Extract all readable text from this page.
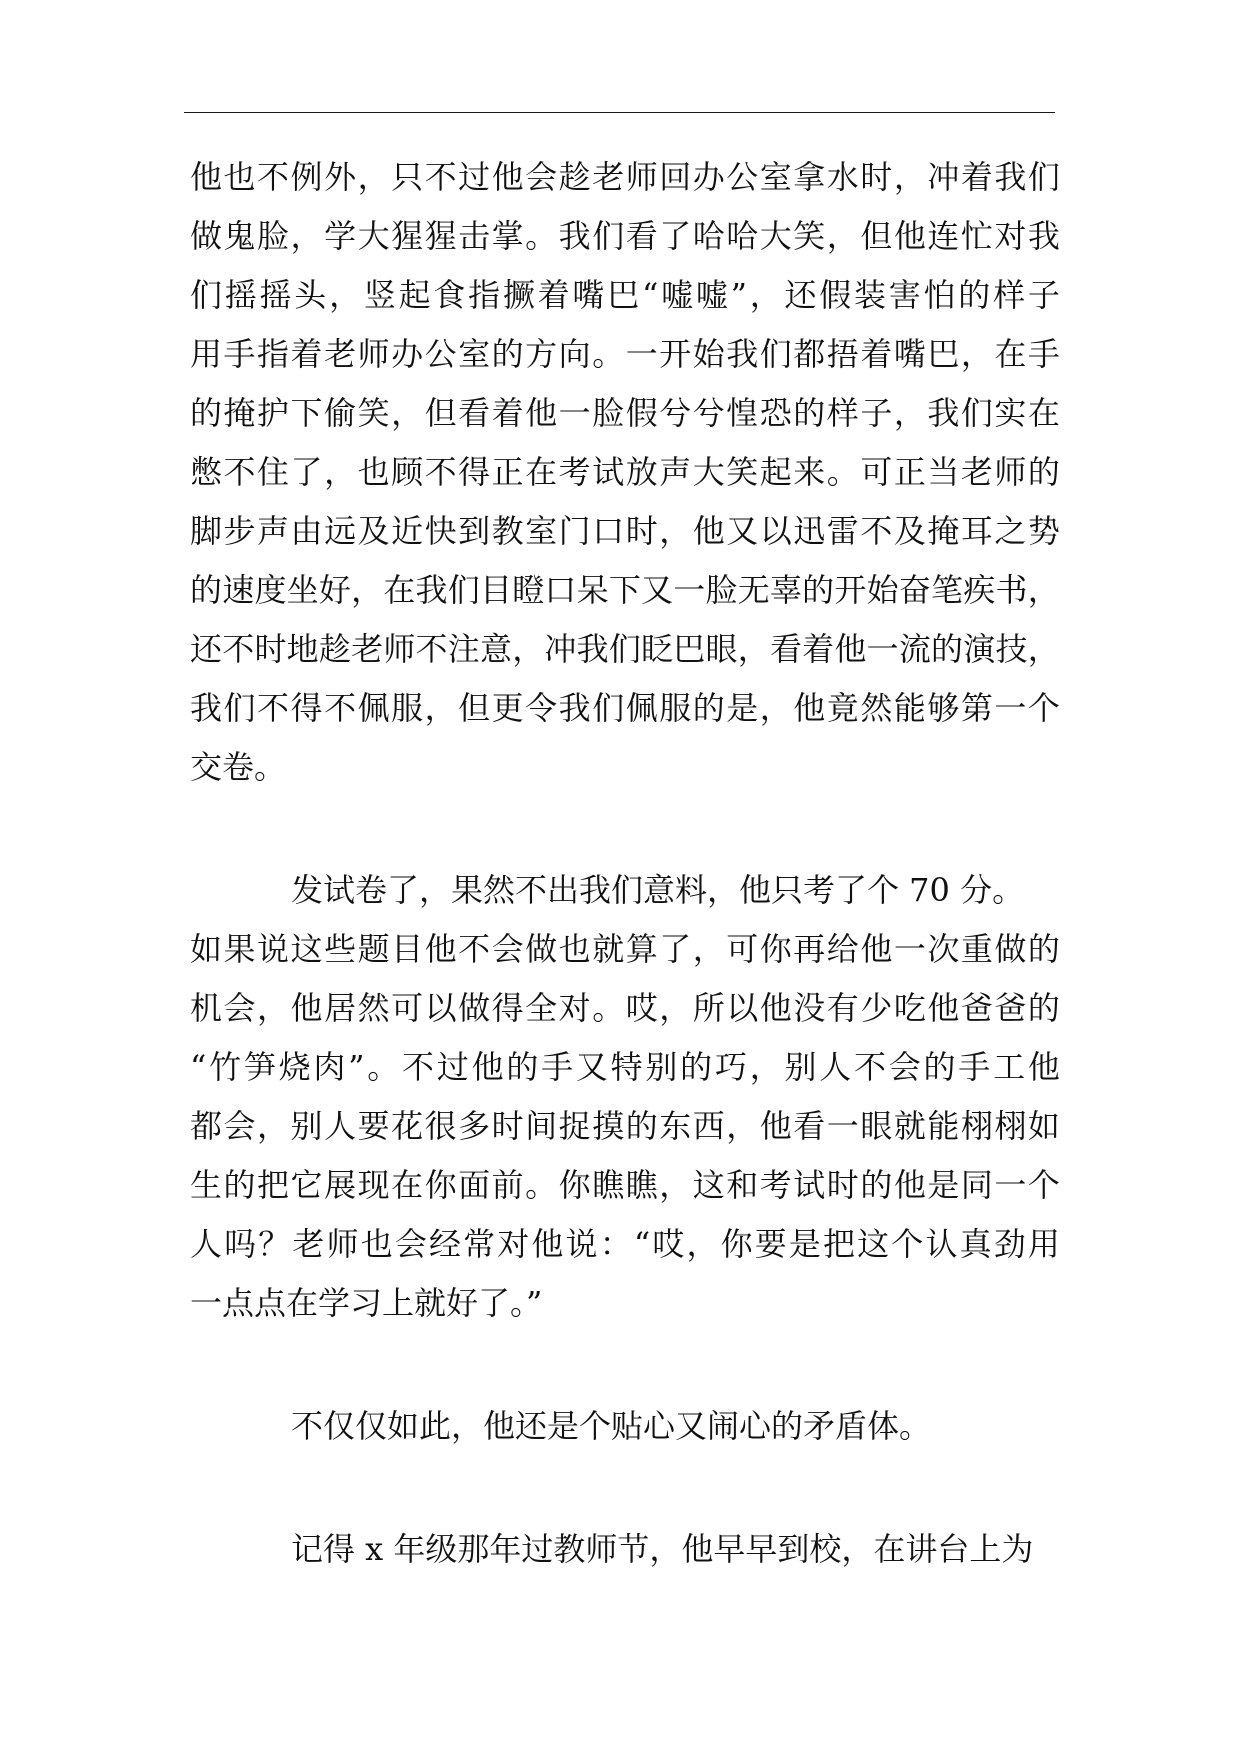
他 也 不 例 外 ， 只 不 过 他 会 趁 老 师 回 办 公 室 拿 水 时 ， 冲 着 我 们
做 鬼 脸 ， 学 大 猩 猩 击 掌 。 我 们 看 了 哈 哈 大 笑 ， 但 他 连 忙 对 我
们 摇 摇 头 ， 竖 起 食 指 撅 着 嘴 巴 “ 嘘 嘘 ” ， 还 假 装 害 怕 的 样 子
用 手 指 着 老 师 办 公 室 的 方 向 。 一 开 始 我 们 都 捂 着 嘴 巴 ， 在 手
的 掩 护 下 偷 笑 ， 但 看 着 他 一 脸 假 兮 兮 惶 恐 的 样 子 ， 我 们 实 在
憋 不 住 了 ， 也 顾 不 得 正 在 考 试 放 声 大 笑 起 来 。 可 正 当 老 师 的
脚 步 声 由 远 及 近 快 到 教 室 门 口 时 ， 他 又 以 迅 雷 不 及 掩 耳 之 势
的 速 度 坐 好 ， 在 我 们 目 瞪 口 呆 下 又 一 脸 无 辜 的 开 始 奋 笔 疾 书 ，
还 不 时 地 趁 老 师 不 注 意 ， 冲 我 们 眨 巴 眼 ， 看 着 他 一 流 的 演 技 ，
我 们 不 得 不 佩 服 ， 但 更 令 我 们 佩 服 的 是 ， 他 竟 然 能 够 第 一 个
交卷。
发试卷了，果然不出我们意料，他只考了个 70 分。
如 果 说 这 些 题 目 他 不 会 做 也 就 算 了 ， 可 你 再 给 他 一 次 重 做 的
机 会 ， 他 居 然 可 以 做 得 全 对 。 哎 ， 所 以 他 没 有 少 吃 他 爸 爸 的
“ 竹 笋 烧 肉 ” 。 不 过 他 的 手 又 特 别 的 巧 ， 别 人 不 会 的 手 工 他
都 会 ， 别 人 要 花 很 多 时 间 捉 摸 的 东 西 ， 他 看 一 眼 就 能 栩 栩 如
生 的 把 它 展 现 在 你 面 前 。 你 瞧 瞧 ， 这 和 考 试 时 的 他 是 同 一 个
人 吗 ？ 老 师 也 会 经 常 对 他 说 ： “ 哎 ， 你 要 是 把 这 个 认 真 劲 用
一点点在学习上就好了。”
不仅仅如此，他还是个贴心又闹心的矛盾体。
记得 x 年级那年过教师节，他早早到校，在讲台上为
